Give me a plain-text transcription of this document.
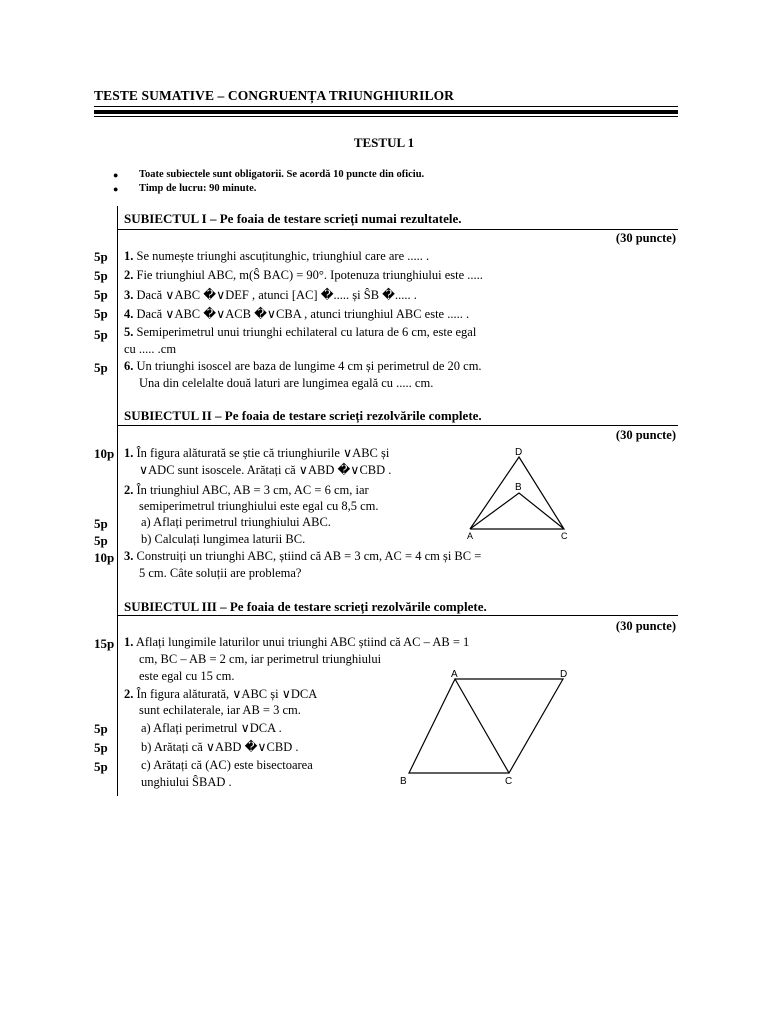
TESTE SUMATIVE – CONGRUENȚA TRIUNGHIURILOR
TESTUL 1
●	Toate subiectele sunt obligatorii. Se acordă 10 puncte din oficiu.
●	Timp de lucru: 90 minute.
SUBIECTUL I – Pe foaia de testare scrieți numai rezultatele.
(30 puncte)
5p 1. Se numește triunghi ascuțitunghic, triunghiul care are ..... .
5p 2. Fie triunghiul ABC, m(Ŝ BAC) = 90°. Ipotenuza triunghiului este .....
5p 3. Dacă ∨ABC �∨DEF , atunci [AC] �..... și ŜB �..... .
5p 4. Dacă ∨ABC �∨ACB �∨CBA , atunci triunghiul ABC este ..... .
5p 5. Semiperimetrul unui triunghi echilateral cu latura de 6 cm, este egal
cu ..... .cm
5p 6. Un triunghi isoscel are baza de lungime 4 cm și perimetrul de 20 cm.
Una din celelalte două laturi are lungimea egală cu ..... cm.
SUBIECTUL II – Pe foaia de testare scrieți rezolvările complete.
(30 puncte)
10p 1. În figura alăturată se știe că triunghiurile ∨ABC și
∨ADC sunt isoscele. Arătați că ∨ABD �∨CBD .
2. În triunghiul ABC, AB = 3 cm, AC = 6 cm, iar
semiperimetrul triunghiului este egal cu 8,5 cm.
5p	a) Aflați perimetrul triunghiului ABC.
5p	b) Calculați lungimea laturii BC.
10p 3. Construiți un triunghi ABC, știind că AB = 3 cm, AC = 4 cm și BC =
5 cm. Câte soluții are problema?
D
B
A	C
SUBIECTUL III – Pe foaia de testare scrieți rezolvările complete.
(30 puncte)
15p 1. Aflați lungimile laturilor unui triunghi ABC știind că AC – AB = 1
cm, BC – AB = 2 cm, iar perimetrul triunghiului
este egal cu 15 cm.
2. În figura alăturată, ∨ABC și ∨DCA
sunt echilaterale, iar AB = 3 cm.
5p	a) Aflați perimetrul ∨DCA .
5p	b) Arătați că ∨ABD �∨CBD .
5p	c) Arătați că (AC) este bisectoarea
unghiului ŜBAD .
A	D
B	C
